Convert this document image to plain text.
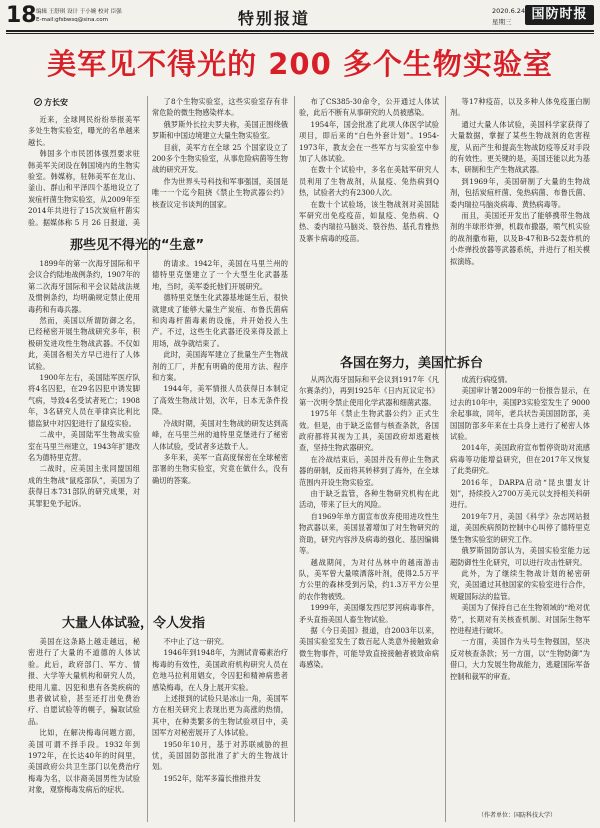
18 编辑 王舒琪 设计 于小婉 校对 臣强
E-mail:gfsbwsq@sina.com	特别报道	2020.6.24
星期三	国防时报
美军见不得光的 200 多个生物实验室
方长安

近来，全球网民纷纷举报美军多处生物实验室，曝光的名单越来越长。

韩国多个市民团体强烈要求驻韩美军关闭设在韩国境内的生物实验室。韩媒称，驻韩美军在龙山、釜山、群山和平泽四个基地设立了炭疽杆菌生物实验室，从2009年至2014年共进行了15次炭疽杆菌实验。据媒体称 5 月 26 日报道，美

那些见不得光的“生意”

1899年的第一次海牙国际和平会议合约陆地战例条约，1907年的第二次海牙国际和平会议陆战法规及惯例条约，均明确规定禁止使用毒药和有毒兵器。

然而，美国以所谓防御之名，已经秘密开展生物战研究多年，积极研发进攻性生物战武器。不仅如此，美国各相关方早已进行了人体试验。

1900年左右，美国陆军医疗队将4名囚犯，在29名囚犯中诱发脚气病，导致4名受试者死亡；1908年，3名研究人员在菲律宾比利比德监狱中对囚犯进行了鼠疫实验。

二战中，美国陆军生物战实验室在马里兰州建立，1943年扩建改名为德特里克营。

二战时，应美国主张同盟国组成的生物战“鼠疫部队”，美国为了获得日本731部队的研究成果，对其罪犯免予起诉。

大量人体试验，令人发指

美国在这条路上越走越远，秘密进行了大量的不道德的人体试验。此后，政府部门、军方、情报、大学等大量机构和研究人员，使用儿童、囚犯和患有各类疾病的患者做试验，甚至还打出免费治疗、自愿试验等的幌子，骗取试验品。

比如，在解决梅毒问题方面，美国可谓不择手段。1932年到1972年，在长达40年的时间里，美国政府公共卫生部门以免费治疗梅毒为名，以非裔美国男性为试验对象，观察梅毒发病后的症状。

了8个生物实验室，这些实验室存有非常危险的微生物感染样本。

俄罗斯外长拉夫罗夫称，美国正围绕俄罗斯和中国边境建立大量生物实验室。

目前，美军方在全球 25 个国家设立了200多个生物实验室，从事危险病菌等生物战的研究开发。

作为世界头号科技和军事强国，美国是唯一一个迄今阻挠《禁止生物武器公约》核查议定书谈判的国家。

的请求。1942年，美国在马里兰州的德特里克堡建立了一个大型生化武器基地，当时，美军委托他们开展研究。

德特里克堡生化武器基地诞生后，很快就建成了能够大量生产炭疽、布鲁氏菌病和肉毒杆菌毒素的设施，并开始投入生产。不过，这些生化武器还没来得及派上用场，战争就结束了。

此时，美国海军建立了批量生产生物战剂的工厂，并配有明确的使用方法、程序和方案。

1944年，美军情报人员获得日本制定了高效生物战计划，次年，日本无条件投降。

冷战时期，美国对生物战的研发达到高峰，在马里兰州的迪特里克堡进行了秘密人体试验，受试者多达数千人。

多年来，美军一直高度保密在全球秘密部署的生物实验室，究竟在做什么，没有确切的答案。

不中止了这一研究。

1946年到1948年，为测试青霉素治疗梅毒的有效性，美国政府机构研究人员在危地马拉利用娼女，令囚犯和精神病患者感染梅毒，在人身上展开实验。

上述报到的试验只是冰山一角，美国军方在相关研究上表现出更为高涨的热情，其中，在种类繁多的生物试验项目中，美国军方对秘密展开了人体试验。

1950年10月，基于对苏联威胁的担忧，美国国防部批准了扩大的生物战计划。

1952年，陆军多篇长推推并发

布了CS385-30命令，公开通过人体试验，此后不断有从事研究的人员被感染。

1954年，国会批准了此项人体医学试验项目，即后来的“白色外套计划”。1954-1973年，教友会在一些军方与实验室中参加了人体试验。

在数十个试验中，多名在美陆军研究人员利用了生物战剂，从鼠疫、兔热病到Q热，试验者大约有2300人次。

在数十个试验场，该生物战剂对美国陆军研究出免疫疫苗，如鼠疫、兔热病、Q热、委内瑞拉马脑炎、裂谷热、基孔肯雅热及寨卡病毒的疫苗。

各国在努力，美国忙拆台

从两次海牙国际和平会议到1917年《凡尔赛条约》，再到1925年《日内瓦议定书》第一次明令禁止使用化学武器和细菌武器。

1975年《禁止生物武器公约》正式生效。但是，由于缺乏监督与核查条款，各国政府都将其视为工具，美国政府却逃避核查，坚持生物武器研究。

在冷战结束后，美国并没有停止生物武器的研制，反而将其转移到了海外，在全球范围内开设生物实验室。

由于缺乏监管，各种生物研究机构在此活动，带来了巨大的风险。

自1969年单方面宣布放弃使用进攻性生物武器以来，美国显著增加了对生物研究的资助，研究内容涉及病毒的强化、基因编辑等。

越战期间，为对付丛林中的越南游击队，美军曾大量喷洒落叶剂，使得2.5万平方公里的森林受到污染，约1.3万平方公里的农作物被毁。

1999年，美国爆发西尼罗河病毒事件，矛头直指美国人畜生物试验。

据《今日美国》报道，自2003年以来，美国实验室发生了数百起人类意外接触致命微生物事件，可能导致直接接触者被致命病毒感染。

等17种疫苗，以及多种人体免疫蛋白制剂。

通过大量人体试验，美国科学家获得了大量数据，掌握了某些生物战剂的危害程度，从而产生和提高生物战防疫等反对手段的有效性。更关键的是，美国还能以此为基本，研制和生产生物战武器。

到1969年，美国研制了大量的生物战剂，包括炭疽杆菌、兔热病菌、布鲁氏菌、委内瑞拉马脑炎病毒、黄热病毒等。

而且，美国还开发出了能够携带生物战剂的半球形炸弹，机载布撒器，喷气机实验的战剂撒布箱，以及B-47和B-52轰炸机的小炸弹投放器等武器系统，并进行了相关模拟演练。

成流行病疫情。

美国审计署2009年的一份报告显示，在过去的10年中，美国P3实验室发生了 9000余起事故，同年，老兵状告美国国防部，美国国防部多年来在士兵身上进行了秘密人体试验。

2014年，美国政府宣布暂停资助对流感病毒等功能增益研究，但在2017年又恢复了此类研究。

2016年，DARPA启动“昆虫盟友计划”，持续投入2700万美元以支持相关科研进行。

2019年7月，美国《科学》杂志网站报道，美国疾病预防控制中心叫停了德特里克堡生物实验室的研究工作。

俄罗斯国防部认为，美国实验室能力远超防御性生化研究，可以进行攻击性研究。

此外，为了继续生物战计划的秘密研究，美国通过其他国家的实验室进行合作，规避国际法的监管。

美国为了保持自己在生物领域的“绝对优势”，长期对有关核查机制、对国际生物军控进程进行破坏。

一方面，美国作为头号生物强国，坚决反对核查条款；另一方面，以“生物防御”为借口，大力发展生物战能力，逃避国际军备控制和裁军的审查。

（作者单位：国防科技大学）
